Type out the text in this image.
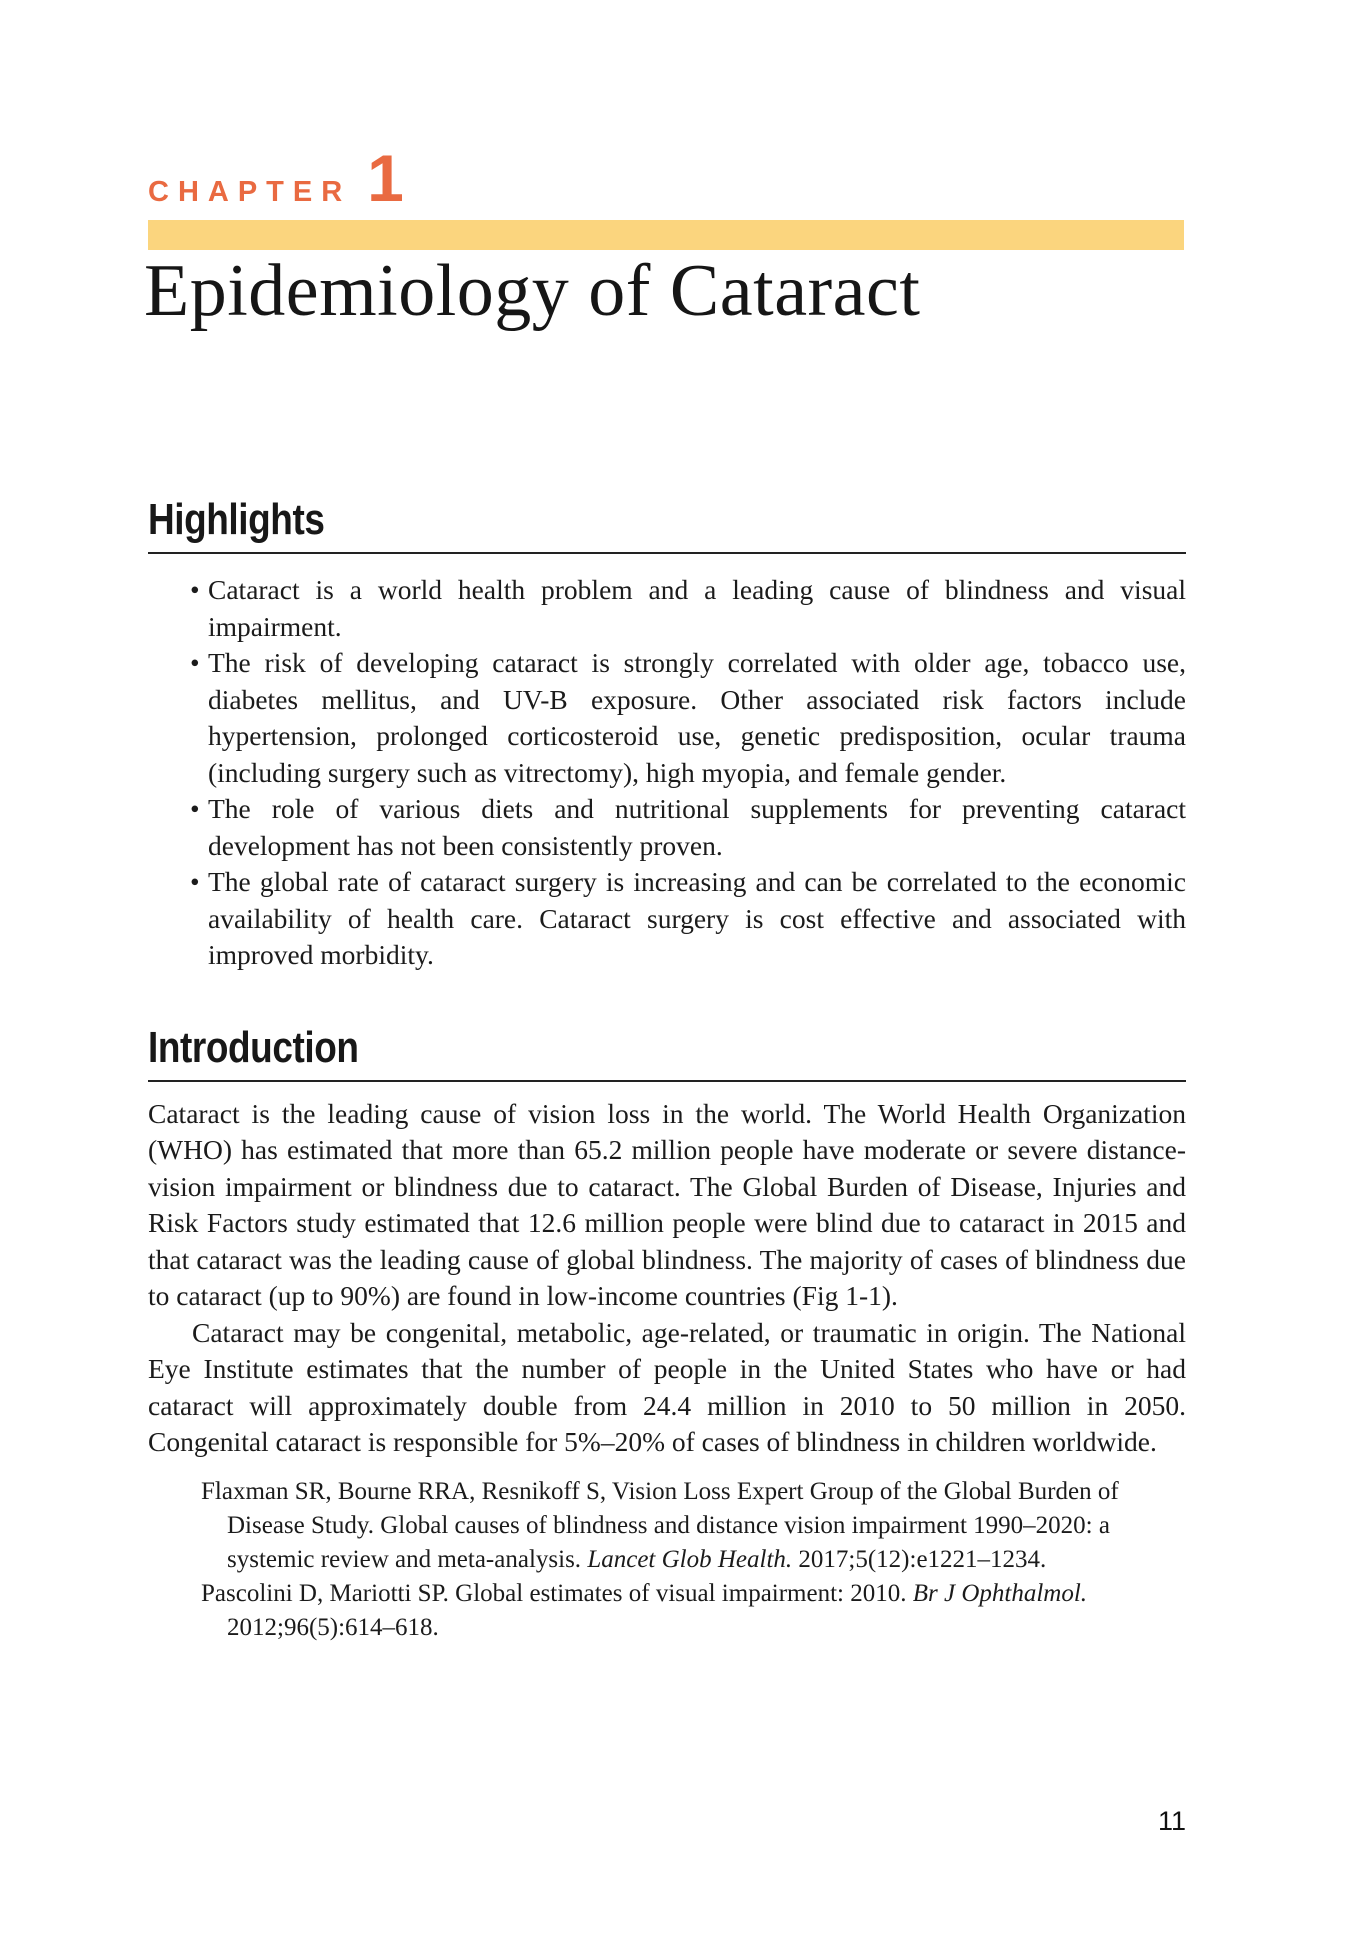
CHAPTER 1
Epidemiology of Cataract
Highlights
• Cataract is a world health problem and a leading cause of blindness and visual impairment.
• The risk of developing cataract is strongly correlated with older age, tobacco use, diabetes mellitus, and UV-B exposure. Other associated risk factors include hypertension, prolonged corticosteroid use, genetic predisposition, ocular trauma (including surgery such as vitrectomy), high myopia, and female gender.
• The role of various diets and nutritional supplements for preventing cataract development has not been consistently proven.
• The global rate of cataract surgery is increasing and can be correlated to the economic availability of health care. Cataract surgery is cost effective and associated with improved morbidity.
Introduction

Cataract is the leading cause of vision loss in the world. The World Health Organization (WHO) has estimated that more than 65.2 million people have moderate or severe distance-vision impairment or blindness due to cataract. The Global Burden of Disease, Injuries and Risk Factors study estimated that 12.6 million people were blind due to cataract in 2015 and that cataract was the leading cause of global blindness. The majority of cases of blindness due to cataract (up to 90%) are found in low-income countries (Fig 1-1).

Cataract may be congenital, metabolic, age-related, or traumatic in origin. The National Eye Institute estimates that the number of people in the United States who have or had cataract will approximately double from 24.4 million in 2010 to 50 million in 2050. Congenital cataract is responsible for 5%–20% of cases of blindness in children worldwide.

Flaxman SR, Bourne RRA, Resnikoff S, Vision Loss Expert Group of the Global Burden of Disease Study. Global causes of blindness and distance vision impairment 1990–2020: a systemic review and meta-analysis. Lancet Glob Health. 2017;5(12):e1221–1234.
Pascolini D, Mariotti SP. Global estimates of visual impairment: 2010. Br J Ophthalmol. 2012;96(5):614–618.
11
